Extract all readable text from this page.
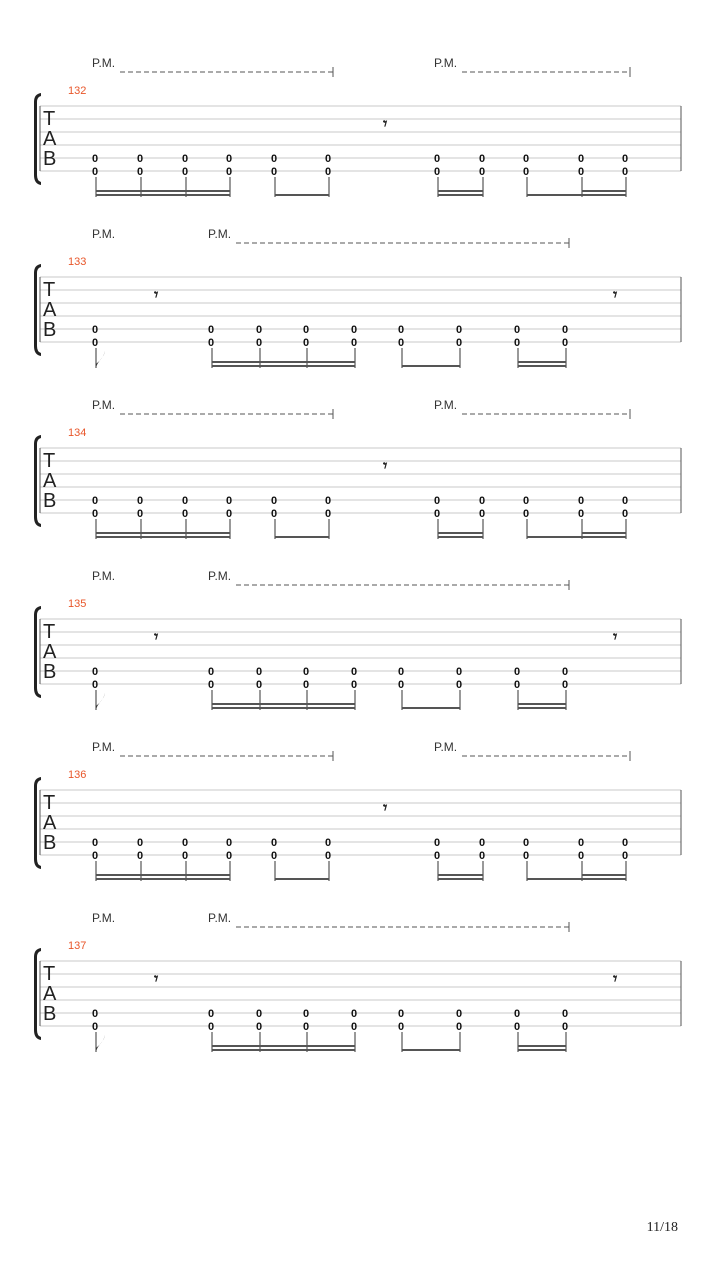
P.M.	P.M.
132
T
A
B	0
0
0
0
0
0
0
0
0
0
0
0
𝄾
0
0
0
0
0
0
0
0
0
0
P.M.	P.M.
133
T
A
B	0
0
𝄾
0
0
0
0
0
0
0
0
0
0
0
0
0
0
0
0
𝄾
P.M.	P.M.
134
T
A
B	0
0
0
0
0
0
0
0
0
0
0
0
𝄾
0
0
0
0
0
0
0
0
0
0
P.M.	P.M.
135
T
A
B	0
0
𝄾
0
0
0
0
0
0
0
0
0
0
0
0
0
0
0
0
𝄾
P.M.	P.M.
136
T
A
B	0
0
0
0
0
0
0
0
0
0
0
0
𝄾
0
0
0
0
0
0
0
0
0
0
P.M.	P.M.
137
T
A
B	0
0
𝄾
0
0
0
0
0
0
0
0
0
0
0
0
0
0
0
0
𝄾
11/18
